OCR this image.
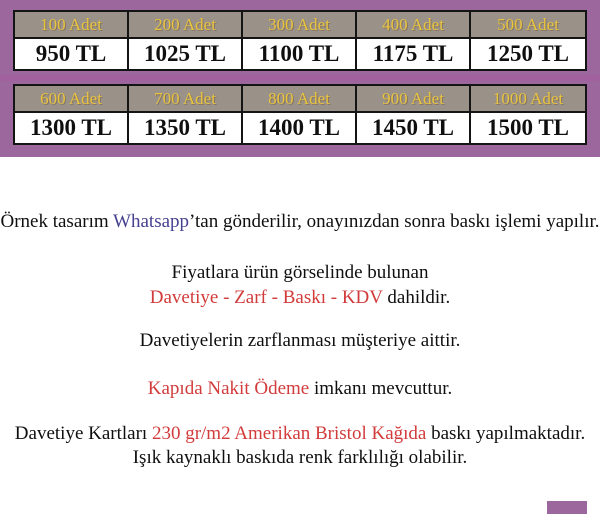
100 Adet	200 Adet	300 Adet	400 Adet	500 Adet
950 TL	1025 TL	1100 TL	1175 TL	1250 TL
600 Adet	700 Adet	800 Adet	900 Adet	1000 Adet
1300 TL	1350 TL	1400 TL	1450 TL	1500 TL

Örnek tasarım Whatsapp’tan gönderilir, onayınızdan sonra baskı işlemi yapılır.

Fiyatlara ürün görselinde bulunan

Davetiye - Zarf - Baskı - KDV dahildir.

Davetiyelerin zarflanması müşteriye aittir.

Kapıda Nakit Ödeme imkanı mevcuttur.

Davetiye Kartları 230 gr/m2 Amerikan Bristol Kağıda baskı yapılmaktadır.

Işık kaynaklı baskıda renk farklılığı olabilir.
